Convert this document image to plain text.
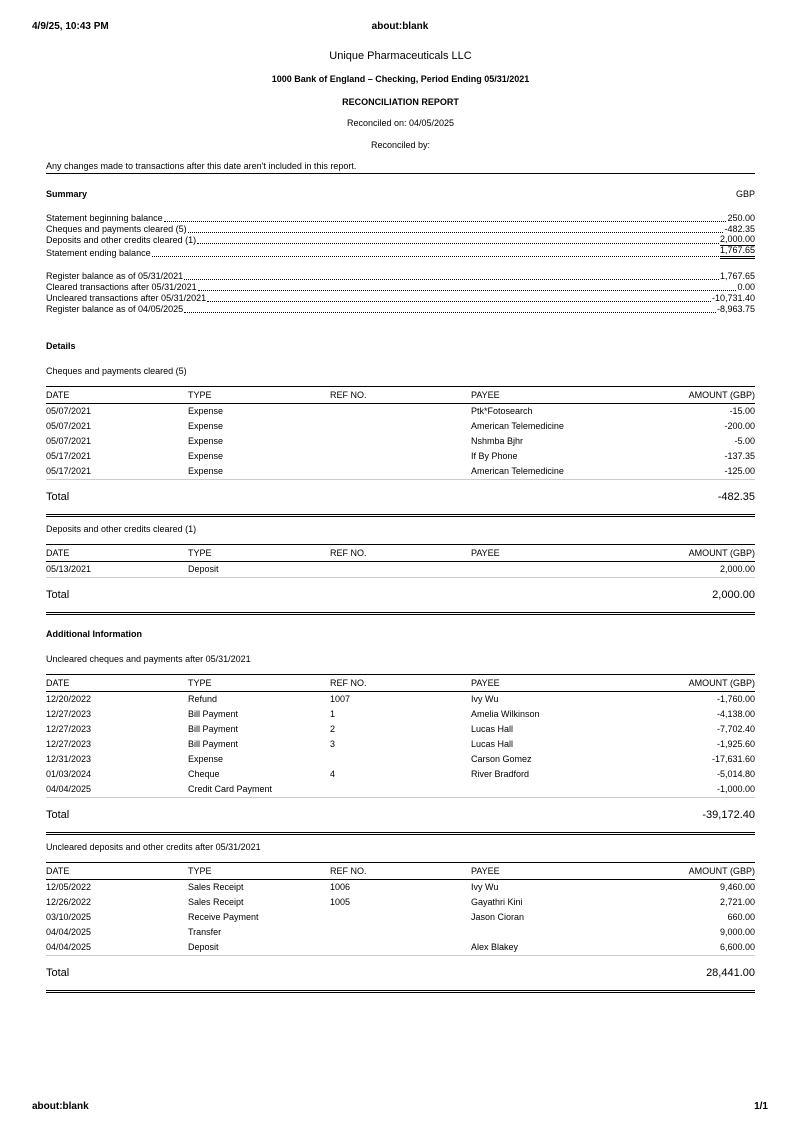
4/9/25, 10:43 PM	about:blank
Unique Pharmaceuticals LLC
1000 Bank of England – Checking, Period Ending 05/31/2021
RECONCILIATION REPORT
Reconciled on: 04/05/2025
Reconciled by:
Any changes made to transactions after this date aren't included in this report.
Summary	GBP
Statement beginning balance	250.00
Cheques and payments cleared (5)	-482.35
Deposits and other credits cleared (1)	2,000.00
Statement ending balance	1,767.65
Register balance as of 05/31/2021	1,767.65
Cleared transactions after 05/31/2021	0.00
Uncleared transactions after 05/31/2021	-10,731.40
Register balance as of 04/05/2025	-8,963.75
Details
Cheques and payments cleared (5)
DATE	TYPE	REF NO.	PAYEE	AMOUNT (GBP)
05/07/2021	Expense		Ptk*Fotosearch	-15.00
05/07/2021	Expense		American Telemedicine	-200.00
05/07/2021	Expense		Nshmba Bjhr	-5.00
05/17/2021	Expense		If By Phone	-137.35
05/17/2021	Expense		American Telemedicine	-125.00
Total	-482.35
Deposits and other credits cleared (1)
DATE	TYPE	REF NO.	PAYEE	AMOUNT (GBP)
05/13/2021	Deposit			2,000.00
Total	2,000.00
Additional Information
Uncleared cheques and payments after 05/31/2021
DATE	TYPE	REF NO.	PAYEE	AMOUNT (GBP)
12/20/2022	Refund	1007	Ivy Wu	-1,760.00
12/27/2023	Bill Payment	1	Amelia Wilkinson	-4,138.00
12/27/2023	Bill Payment	2	Lucas Hall	-7,702.40
12/27/2023	Bill Payment	3	Lucas Hall	-1,925.60
12/31/2023	Expense		Carson Gomez	-17,631.60
01/03/2024	Cheque	4	River Bradford	-5,014.80
04/04/2025	Credit Card Payment			-1,000.00
Total	-39,172.40
Uncleared deposits and other credits after 05/31/2021
DATE	TYPE	REF NO.	PAYEE	AMOUNT (GBP)
12/05/2022	Sales Receipt	1006	Ivy Wu	9,460.00
12/26/2022	Sales Receipt	1005	Gayathri Kini	2,721.00
03/10/2025	Receive Payment		Jason Cioran	660.00
04/04/2025	Transfer			9,000.00
04/04/2025	Deposit		Alex Blakey	6,600.00
Total	28,441.00
about:blank	1/1
